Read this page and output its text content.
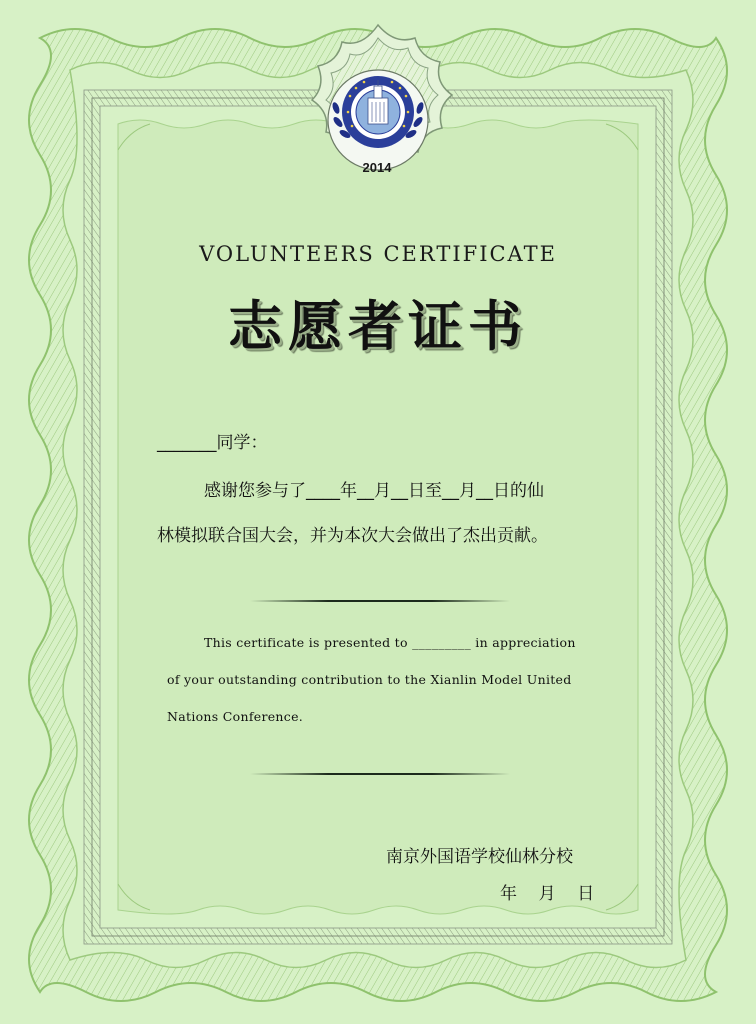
2014
VOLUNTEERS CERTIFICATE
志愿者证书
_______同学：
感谢您参与了____年__月__日至__月__日的仙
林模拟联合国大会，并为本次大会做出了杰出贡献。
This certificate is presented to _________ in appreciation
of your outstanding contribution to the Xianlin Model United
Nations Conference.
南京外国语学校仙林分校
年    月    日
